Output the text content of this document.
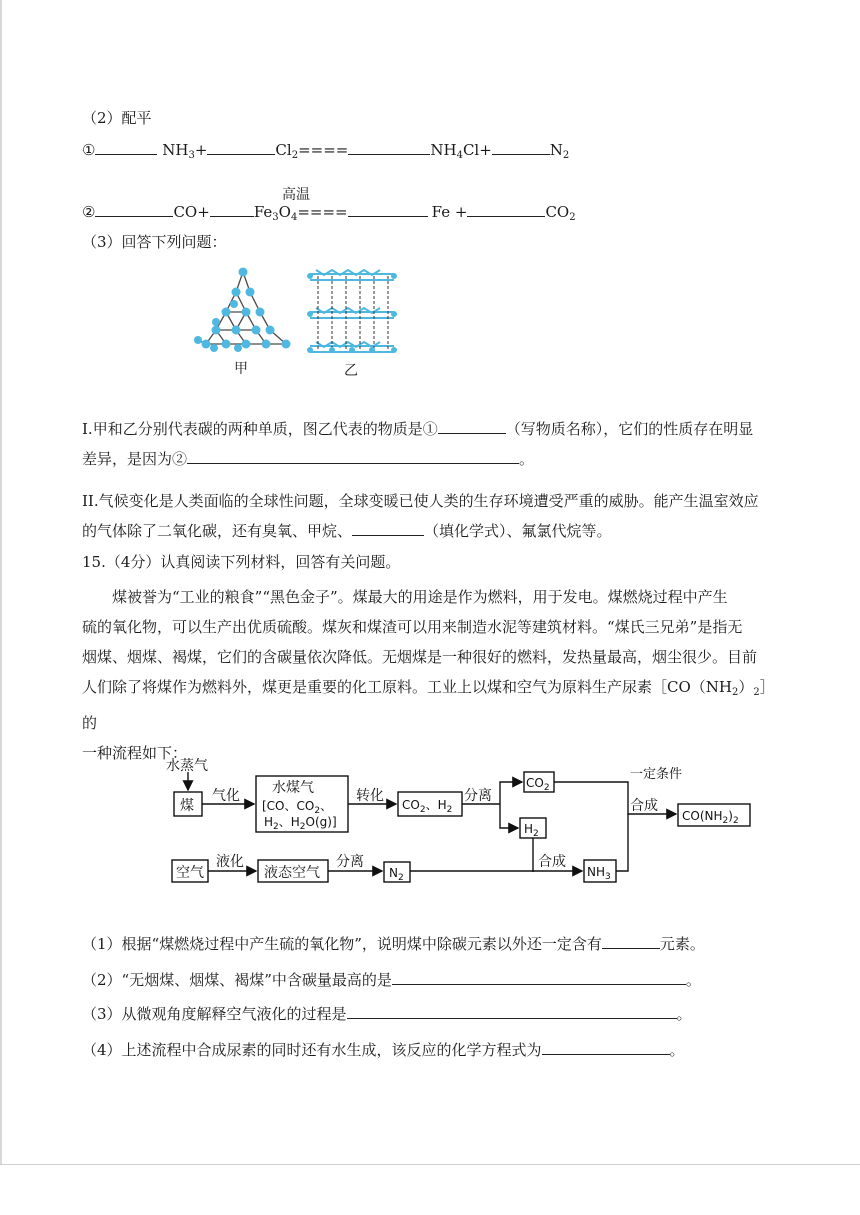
（2）配平
①	$NH_3+$	$Cl_2====$	$NH_4Cl+$	$N_2$
高温
②	CO+	$Fe_3O_4====$	Fe +	$CO_2$
（3）回答下列问题：
甲	乙
I.甲和乙分别代表碳的两种单质，图乙代表的物质是①	（写物质名称），它们的性质存在明显
差异，是因为②	。
II.气候变化是人类面临的全球性问题，全球变暖已使人类的生存环境遭受严重的威胁。能产生温室效应
的气体除了二氧化碳，还有臭氧、甲烷、	（填化学式）、氟氯代烷等。
15.（4分）认真阅读下列材料，回答有关问题。
煤被誉为“工业的粮食”“黑色金子”。煤最大的用途是作为燃料，用于发电。煤燃烧过程中产生

硫的氧化物，可以生产出优质硫酸。煤灰和煤渣可以用来制造水泥等建筑材料。“煤氏三兄弟”是指无
烟煤、烟煤、褐煤，它们的含碳量依次降低。无烟煤是一种很好的燃料，发热量最高，烟尘很少。目前
人们除了将煤作为燃料外，煤更是重要的化工原料。工业上以煤和空气为原料生产尿素$[CO(NH_2)_2]$的
一种流程如下：
水蒸气
煤
气化 水煤气
[CO、$CO_2$、
$H_2$、$H_2O(g)$]
转化
$CO_2$、$H_2$
分离
$CO_2$
$H_2$
一定条件
合成
$CO(NH_2)_2$
空气
液化
液态空气
分离
$N_2$
合成
$NH_3$
（1）根据“煤燃烧过程中产生硫的氧化物”，说明煤中除碳元素以外还一定含有	元素。
（2）“无烟煤、烟煤、褐煤”中含碳量最高的是	。
（3）从微观角度解释空气液化的过程是	。
（4）上述流程中合成尿素的同时还有水生成，该反应的化学方程式为	。
